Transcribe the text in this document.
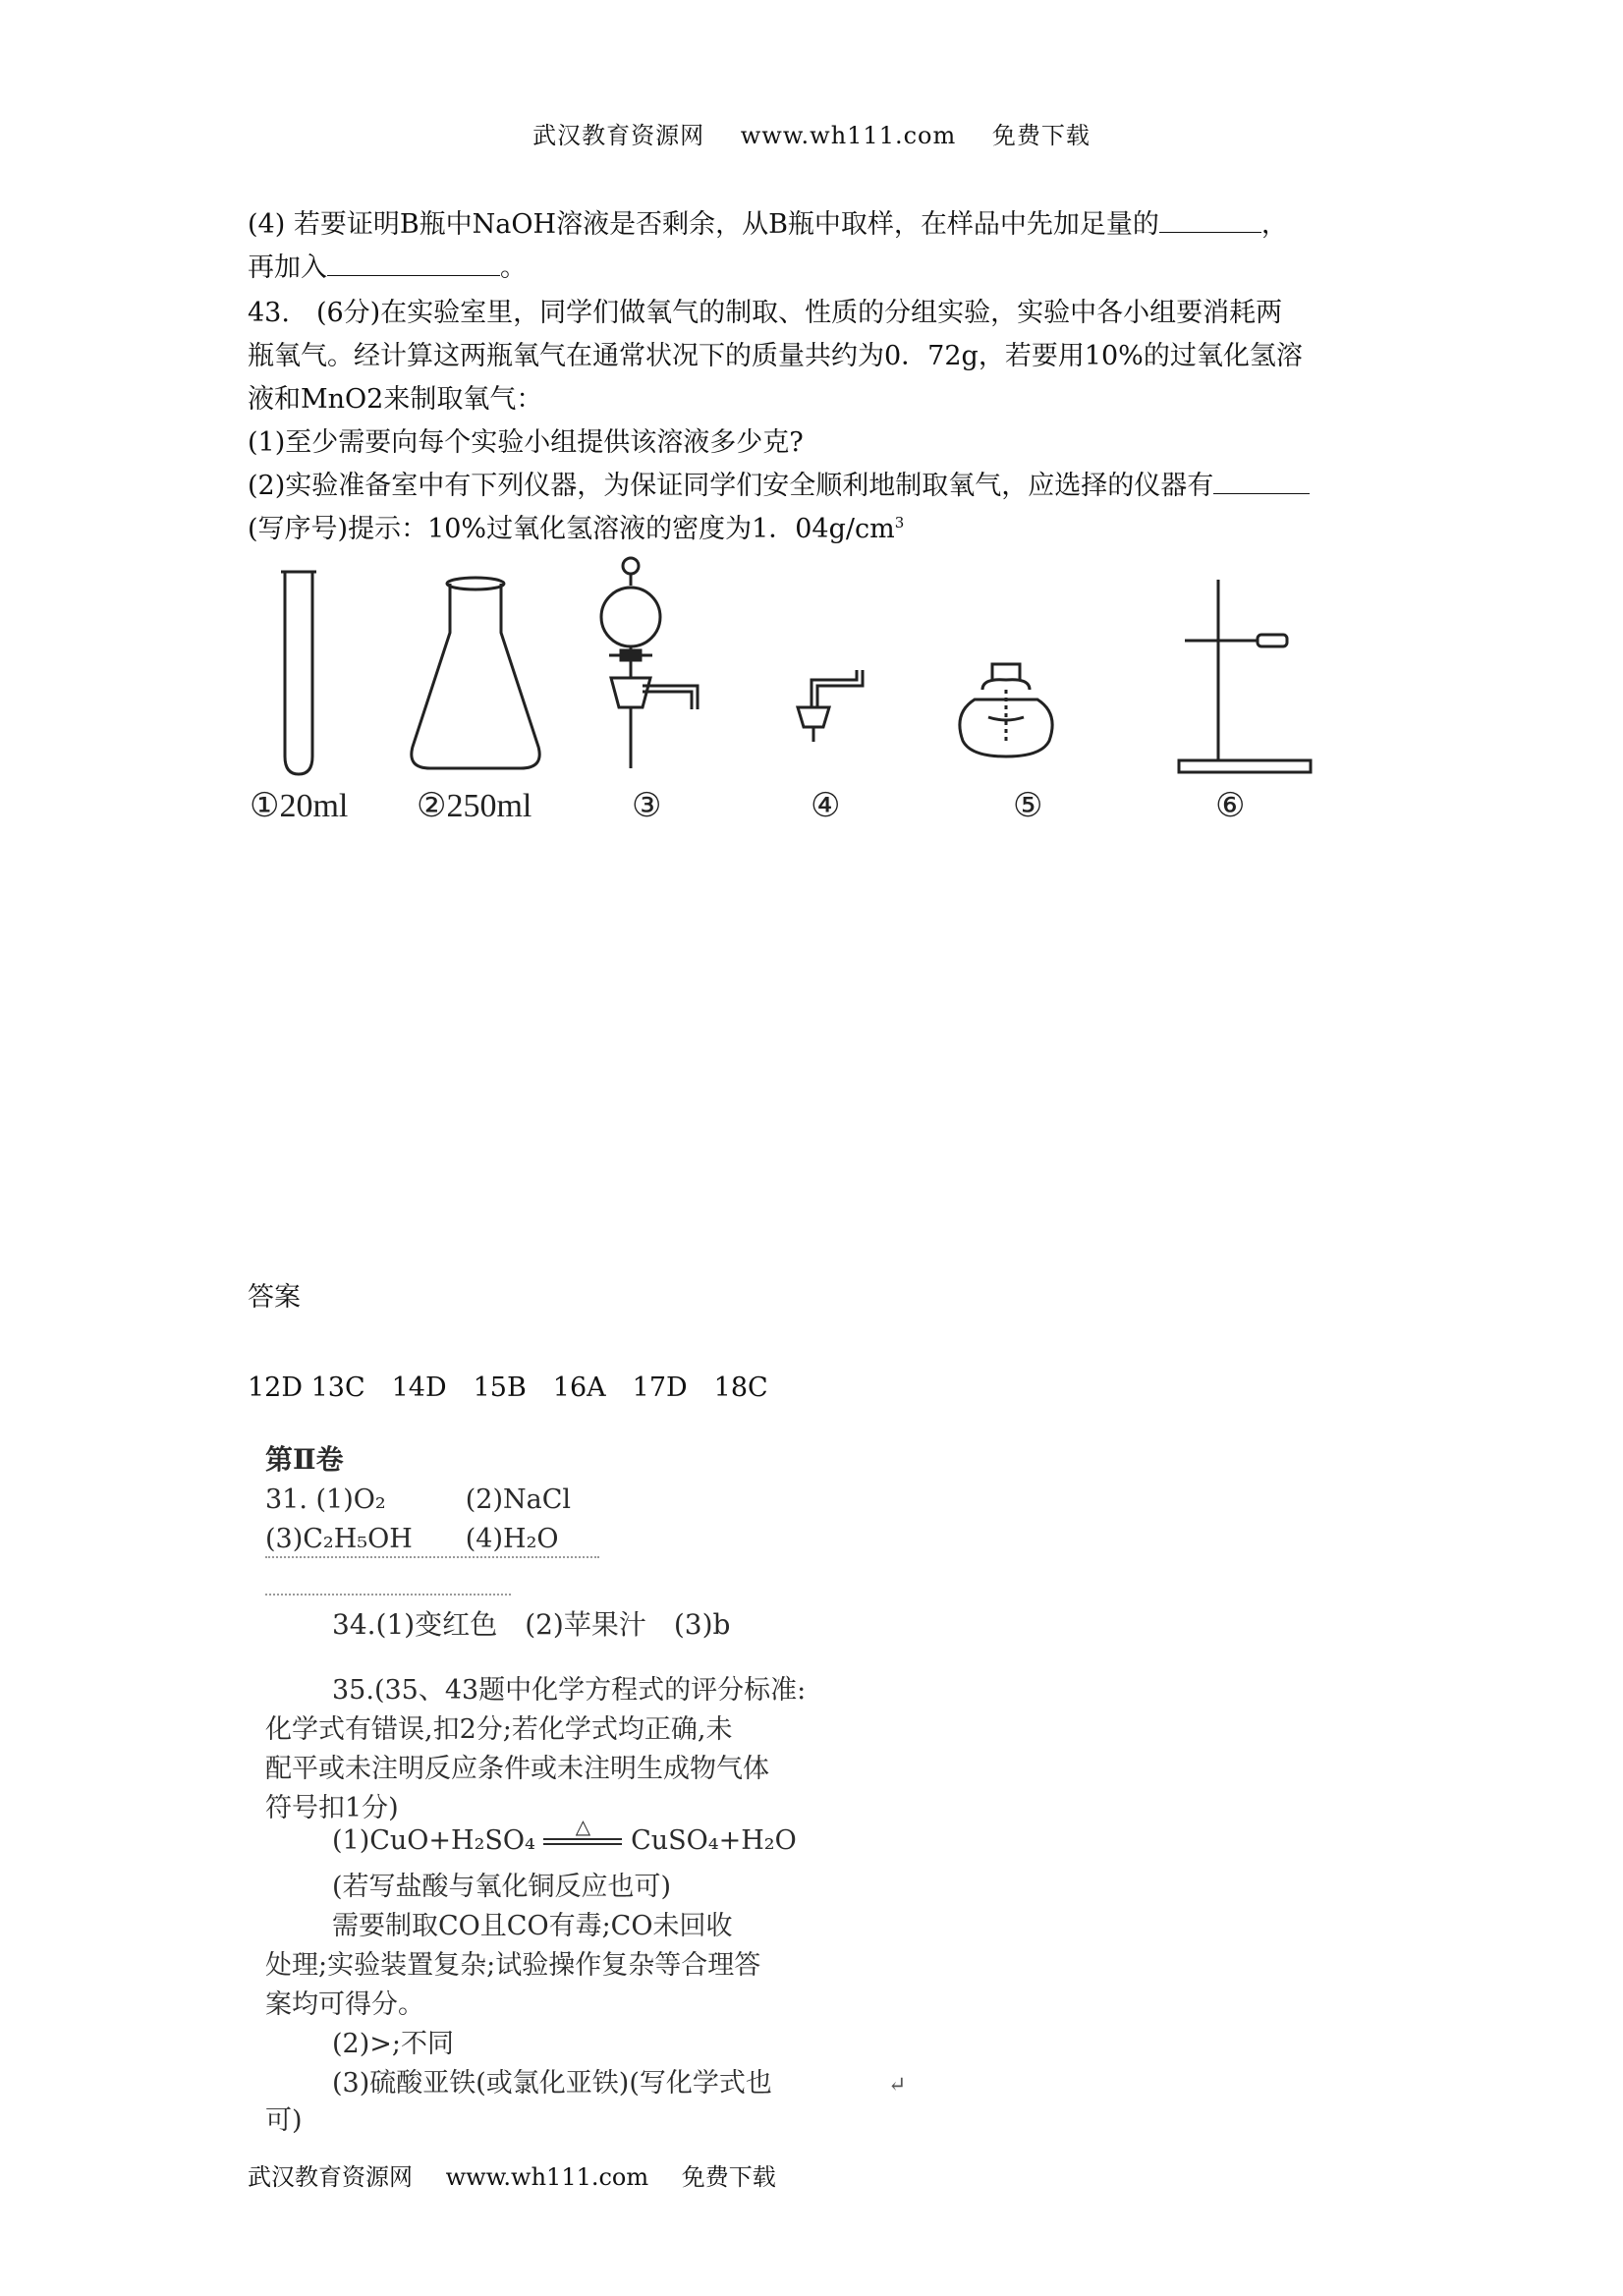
武汉教育资源网 www.wh111.com 免费下载
(4) 若要证明B瓶中NaOH溶液是否剩余，从B瓶中取样，在样品中先加足量的	，
再加入	。
43.　(6分)在实验室里，同学们做氧气的制取、性质的分组实验，实验中各小组要消耗两
瓶氧气。经计算这两瓶氧气在通常状况下的质量共约为0．72g，若要用10%的过氧化氢溶
液和MnO2来制取氧气：
(1)至少需要向每个实验小组提供该溶液多少克?
(2)实验准备室中有下列仪器，为保证同学们安全顺利地制取氧气，应选择的仪器有
(写序号)提示：10%过氧化氢溶液的密度为1．$04g/cm^3$
①20ml ②250ml	③	④	⑤	⑥
答案
12D 13C　14D　15B　16A　17D　18C
第Ⅱ卷
31. (1)O₂　　　(2)NaCl
(3)C₂H₅OH　　(4)H₂O
34.(1)变红色　(2)苹果汁　(3)b
35.(35、43题中化学方程式的评分标准:
化学式有错误,扣2分;若化学式均正确,未
配平或未注明反应条件或未注明生成物气体
符号扣1分)
(1)CuO+H₂SO₄	△	CuSO₄+H₂O
(若写盐酸与氧化铜反应也可)
需要制取CO且CO有毒;CO未回收
处理;实验装置复杂;试验操作复杂等合理答
案均可得分。
(2)>;不同
(3)硫酸亚铁(或氯化亚铁)(写化学式也
可)
↵
武汉教育资源网 www.wh111.com 免费下载
